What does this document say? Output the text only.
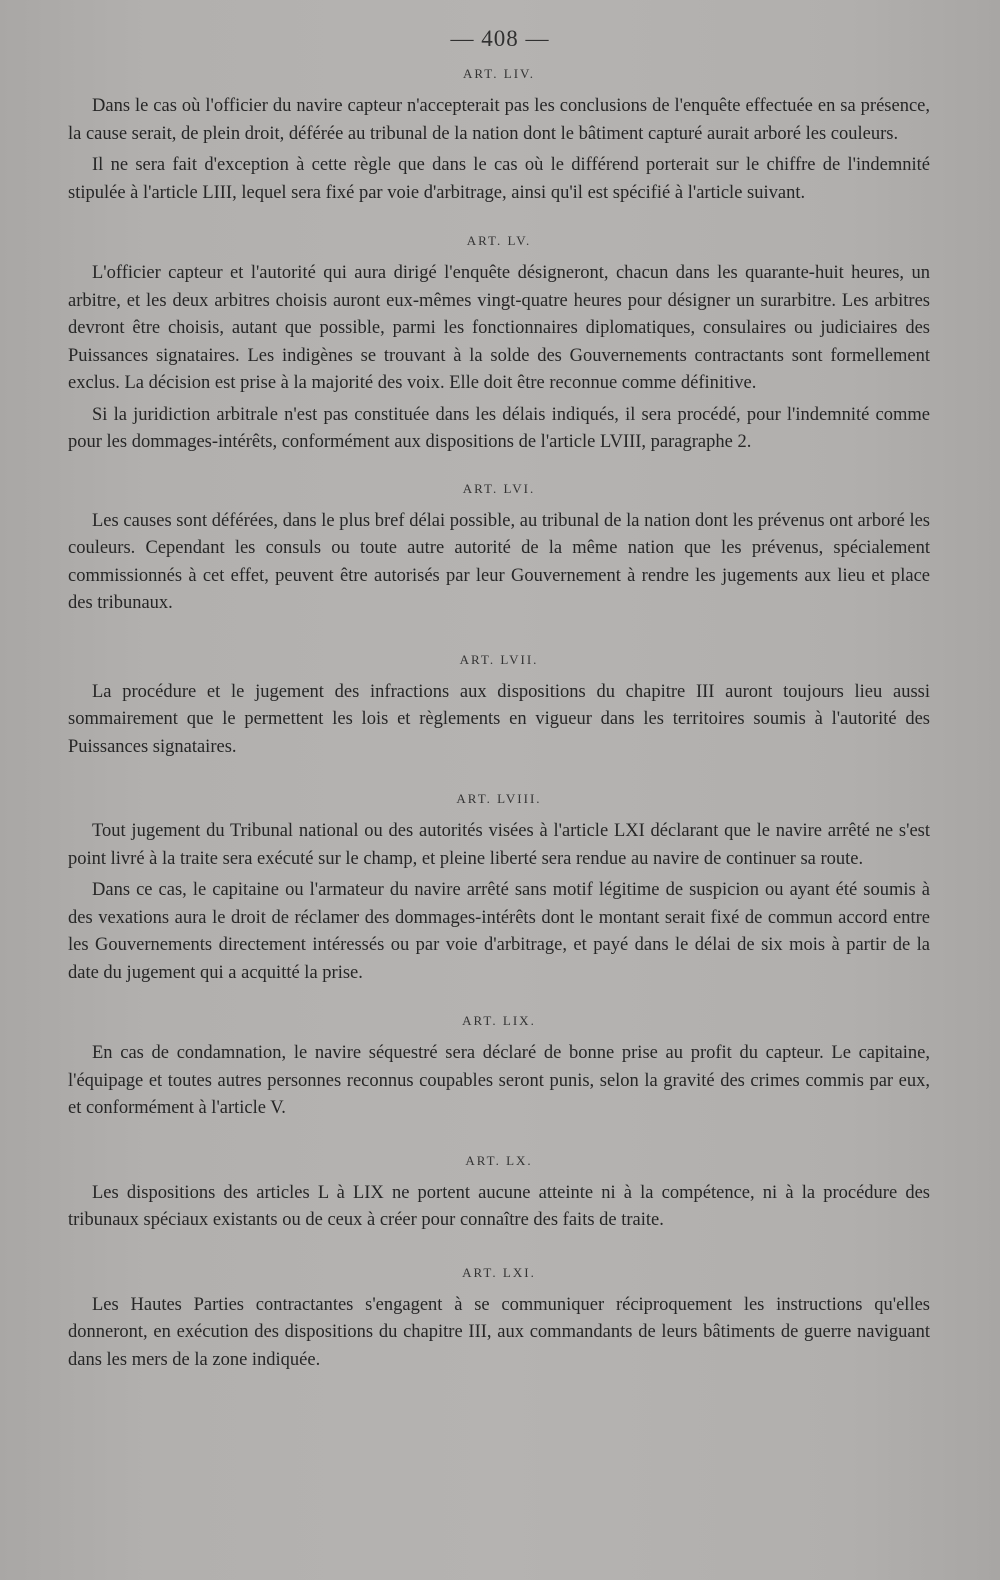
— 408 —
ART. LIV.

Dans le cas où l'officier du navire capteur n'accepterait pas les conclusions de l'enquête effectuée en sa présence, la cause serait, de plein droit, déférée au tribunal de la nation dont le bâtiment capturé aurait arboré les couleurs.

Il ne sera fait d'exception à cette règle que dans le cas où le différend porterait sur le chiffre de l'indemnité stipulée à l'article LIII, lequel sera fixé par voie d'arbitrage, ainsi qu'il est spécifié à l'article suivant.

ART. LV.

L'officier capteur et l'autorité qui aura dirigé l'enquête désigneront, chacun dans les quarante-huit heures, un arbitre, et les deux arbitres choisis auront eux-mêmes vingt-quatre heures pour désigner un surarbitre. Les arbitres devront être choisis, autant que possible, parmi les fonctionnaires diplomatiques, consulaires ou judiciaires des Puissances signataires. Les indigènes se trouvant à la solde des Gouvernements contractants sont formellement exclus. La décision est prise à la majorité des voix. Elle doit être reconnue comme définitive.

Si la juridiction arbitrale n'est pas constituée dans les délais indiqués, il sera procédé, pour l'indemnité comme pour les dommages-intérêts, conformément aux dispositions de l'article LVIII, paragraphe 2.

ART. LVI.

Les causes sont déférées, dans le plus bref délai possible, au tribunal de la nation dont les prévenus ont arboré les couleurs. Cependant les consuls ou toute autre autorité de la même nation que les prévenus, spécialement commissionnés à cet effet, peuvent être autorisés par leur Gouvernement à rendre les jugements aux lieu et place des tribunaux.

ART. LVII.

La procédure et le jugement des infractions aux dispositions du chapitre III auront toujours lieu aussi sommairement que le permettent les lois et règlements en vigueur dans les territoires soumis à l'autorité des Puissances signataires.

ART. LVIII.

Tout jugement du Tribunal national ou des autorités visées à l'article LXI déclarant que le navire arrêté ne s'est point livré à la traite sera exécuté sur le champ, et pleine liberté sera rendue au navire de continuer sa route.

Dans ce cas, le capitaine ou l'armateur du navire arrêté sans motif légitime de suspicion ou ayant été soumis à des vexations aura le droit de réclamer des dommages-intérêts dont le montant serait fixé de commun accord entre les Gouvernements directement intéressés ou par voie d'arbitrage, et payé dans le délai de six mois à partir de la date du jugement qui a acquitté la prise.

ART. LIX.

En cas de condamnation, le navire séquestré sera déclaré de bonne prise au profit du capteur. Le capitaine, l'équipage et toutes autres personnes reconnus coupables seront punis, selon la gravité des crimes commis par eux, et conformément à l'article V.

ART. LX.

Les dispositions des articles L à LIX ne portent aucune atteinte ni à la compétence, ni à la procédure des tribunaux spéciaux existants ou de ceux à créer pour connaître des faits de traite.

ART. LXI.

Les Hautes Parties contractantes s'engagent à se communiquer réciproquement les instructions qu'elles donneront, en exécution des dispositions du chapitre III, aux commandants de leurs bâtiments de guerre naviguant dans les mers de la zone indiquée.
